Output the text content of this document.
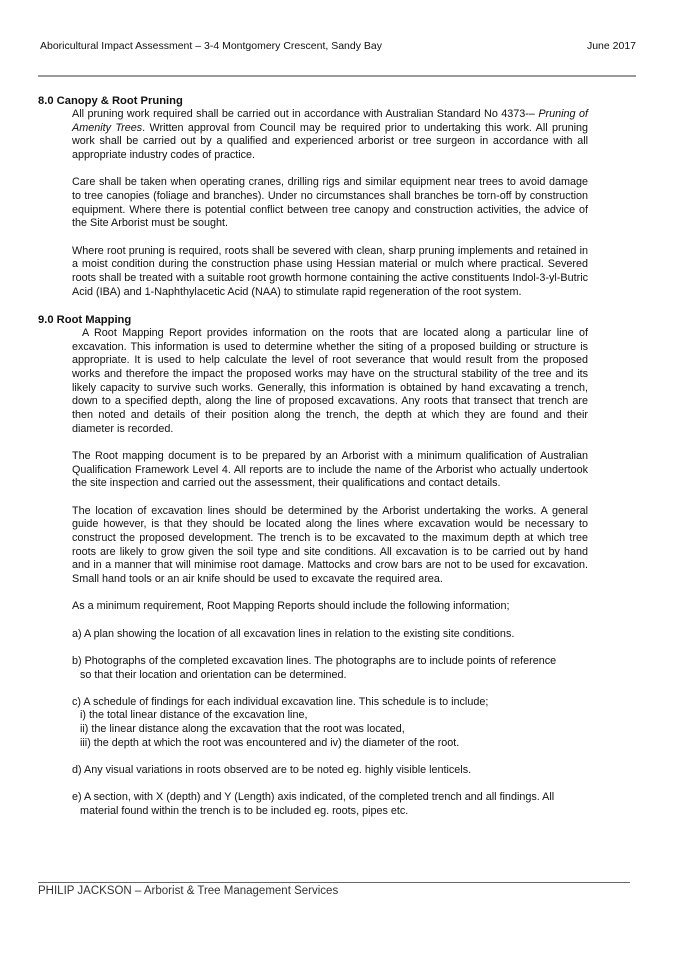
Aboricultural Impact Assessment – 3-4 Montgomery Crescent, Sandy Bay	June 2017
8.0 Canopy & Root Pruning

All pruning work required shall be carried out in accordance with Australian Standard No 4373-– Pruning of Amenity Trees. Written approval from Council may be required prior to undertaking this work. All pruning work shall be carried out by a qualified and experienced arborist or tree surgeon in accordance with all appropriate industry codes of practice.

Care shall be taken when operating cranes, drilling rigs and similar equipment near trees to avoid damage to tree canopies (foliage and branches). Under no circumstances shall branches be torn-off by construction equipment. Where there is potential conflict between tree canopy and construction activities, the advice of the Site Arborist must be sought.

Where root pruning is required, roots shall be severed with clean, sharp pruning implements and retained in a moist condition during the construction phase using Hessian material or mulch where practical. Severed roots shall be treated with a suitable root growth hormone containing the active constituents Indol-3-yl-Butric Acid (IBA) and 1-Naphthylacetic Acid (NAA) to stimulate rapid regeneration of the root system.

9.0 Root Mapping

A Root Mapping Report provides information on the roots that are located along a particular line of excavation. This information is used to determine whether the siting of a proposed building or structure is appropriate. It is used to help calculate the level of root severance that would result from the proposed works and therefore the impact the proposed works may have on the structural stability of the tree and its likely capacity to survive such works. Generally, this information is obtained by hand excavating a trench, down to a specified depth, along the line of proposed excavations. Any roots that transect that trench are then noted and details of their position along the trench, the depth at which they are found and their diameter is recorded.

The Root mapping document is to be prepared by an Arborist with a minimum qualification of Australian Qualification Framework Level 4. All reports are to include the name of the Arborist who actually undertook the site inspection and carried out the assessment, their qualifications and contact details.

The location of excavation lines should be determined by the Arborist undertaking the works. A general guide however, is that they should be located along the lines where excavation would be necessary to construct the proposed development. The trench is to be excavated to the maximum depth at which tree roots are likely to grow given the soil type and site conditions. All excavation is to be carried out by hand and in a manner that will minimise root damage. Mattocks and crow bars are not to be used for excavation. Small hand tools or an air knife should be used to excavate the required area.

As a minimum requirement, Root Mapping Reports should include the following information;

a) A plan showing the location of all excavation lines in relation to the existing site conditions.

b) Photographs of the completed excavation lines. The photographs are to include points of reference
so that their location and orientation can be determined.

c) A schedule of findings for each individual excavation line. This schedule is to include;
i) the total linear distance of the excavation line,
ii) the linear distance along the excavation that the root was located,
iii) the depth at which the root was encountered and iv) the diameter of the root.

d) Any visual variations in roots observed are to be noted eg. highly visible lenticels.

e) A section, with X (depth) and Y (Length) axis indicated, of the completed trench and all findings. All
material found within the trench is to be included eg. roots, pipes etc.

PHILIP JACKSON – Arborist & Tree Management Services
